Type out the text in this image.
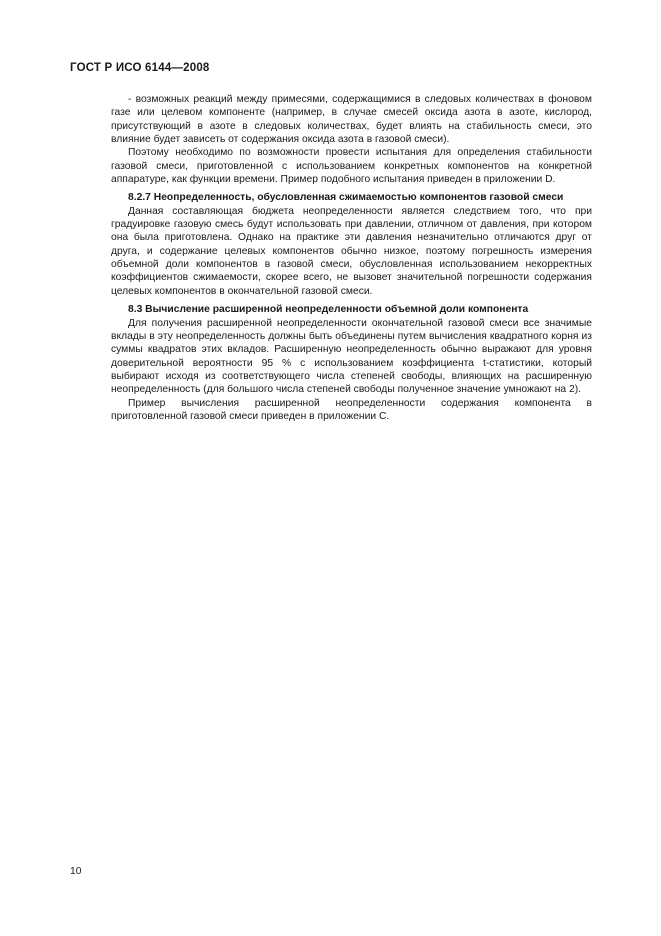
ГОСТ Р ИСО 6144—2008

- возможных реакций между примесями, содержащимися в следовых количествах в фоновом газе или целевом компоненте (например, в случае смесей оксида азота в азоте, кислород, присутствующий в азоте в следовых количествах, будет влиять на стабильность смеси, это влияние будет зависеть от содержания оксида азота в газовой смеси).

Поэтому необходимо по возможности провести испытания для определения стабильности газовой смеси, приготовленной с использованием конкретных компонентов на конкретной аппаратуре, как функции времени. Пример подобного испытания приведен в приложении D.

8.2.7 Неопределенность, обусловленная сжимаемостью компонентов газовой смеси

Данная составляющая бюджета неопределенности является следствием того, что при градуировке газовую смесь будут использовать при давлении, отличном от давления, при котором она была приготовлена. Однако на практике эти давления незначительно отличаются друг от друга, и содержание целевых компонентов обычно низкое, поэтому погрешность измерения объемной доли компонентов в газовой смеси, обусловленная использованием некорректных коэффициентов сжимаемости, скорее всего, не вызовет значительной погрешности содержания целевых компонентов в окончательной газовой смеси.

8.3 Вычисление расширенной неопределенности объемной доли компонента

Для получения расширенной неопределенности окончательной газовой смеси все значимые вклады в эту неопределенность должны быть объединены путем вычисления квадратного корня из суммы квадратов этих вкладов. Расширенную неопределенность обычно выражают для уровня доверительной вероятности 95 % с использованием коэффициента t-статистики, который выбирают исходя из соответствующего числа степеней свободы, влияющих на расширенную неопределенность (для большого числа степеней свободы полученное значение умножают на 2).

Пример вычисления расширенной неопределенности содержания компонента в приготовленной газовой смеси приведен в приложении С.

10
